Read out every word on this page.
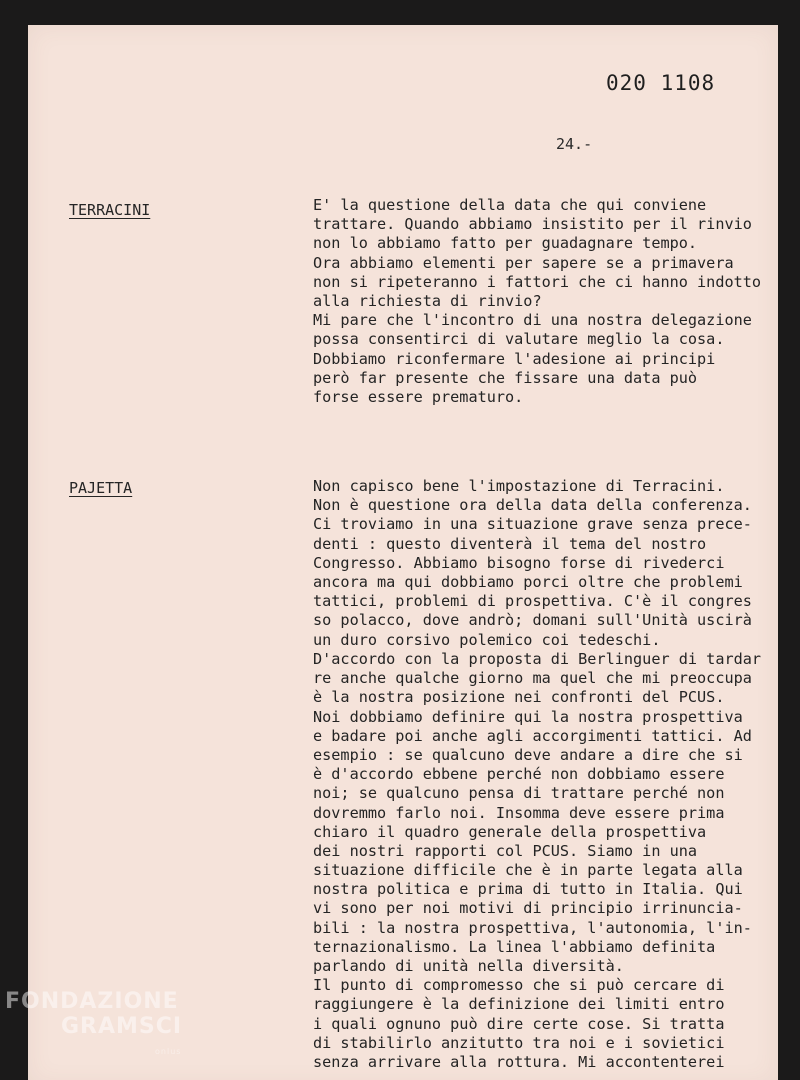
020 1108
24.-
TERRACINI	E' la questione della data che qui conviene
trattare. Quando abbiamo insistito per il rinvio
non lo abbiamo fatto per guadagnare tempo.
Ora abbiamo elementi per sapere se a primavera
non si ripeteranno i fattori che ci hanno indotto
alla richiesta di rinvio?
Mi pare che l'incontro di una nostra delegazione
possa consentirci di valutare meglio la cosa.
Dobbiamo riconfermare l'adesione ai principi
però far presente che fissare una data può
forse essere prematuro.
PAJETTA	Non capisco bene l'impostazione di Terracini.
Non è questione ora della data della conferenza.
Ci troviamo in una situazione grave senza prece-
denti : questo diventerà il tema del nostro
Congresso. Abbiamo bisogno forse di rivederci
ancora ma qui dobbiamo porci oltre che problemi
tattici, problemi di prospettiva. C'è il congres
so polacco, dove andrò; domani sull'Unità uscirà
un duro corsivo polemico coi tedeschi.
D'accordo con la proposta di Berlinguer di tardar
re anche qualche giorno ma quel che mi preoccupa
è la nostra posizione nei confronti del PCUS.
Noi dobbiamo definire qui la nostra prospettiva
e badare poi anche agli accorgimenti tattici. Ad
esempio : se qualcuno deve andare a dire che si
è d'accordo ebbene perché non dobbiamo essere
noi; se qualcuno pensa di trattare perché non
dovremmo farlo noi. Insomma deve essere prima
chiaro il quadro generale della prospettiva
dei nostri rapporti col PCUS. Siamo in una
situazione difficile che è in parte legata alla
nostra politica e prima di tutto in Italia. Qui
vi sono per noi motivi di principio irrinuncia-
bili : la nostra prospettiva, l'autonomia, l'in-
ternazionalismo. La linea l'abbiamo definita
parlando di unità nella diversità.
Il punto di compromesso che si può cercare di
raggiungere è la definizione dei limiti entro
i quali ognuno può dire certe cose. Si tratta
di stabilirlo anzitutto tra noi e i sovietici
senza arrivare alla rottura. Mi accontenterei
FONDAZIONE
GRAMSCI
onlus
